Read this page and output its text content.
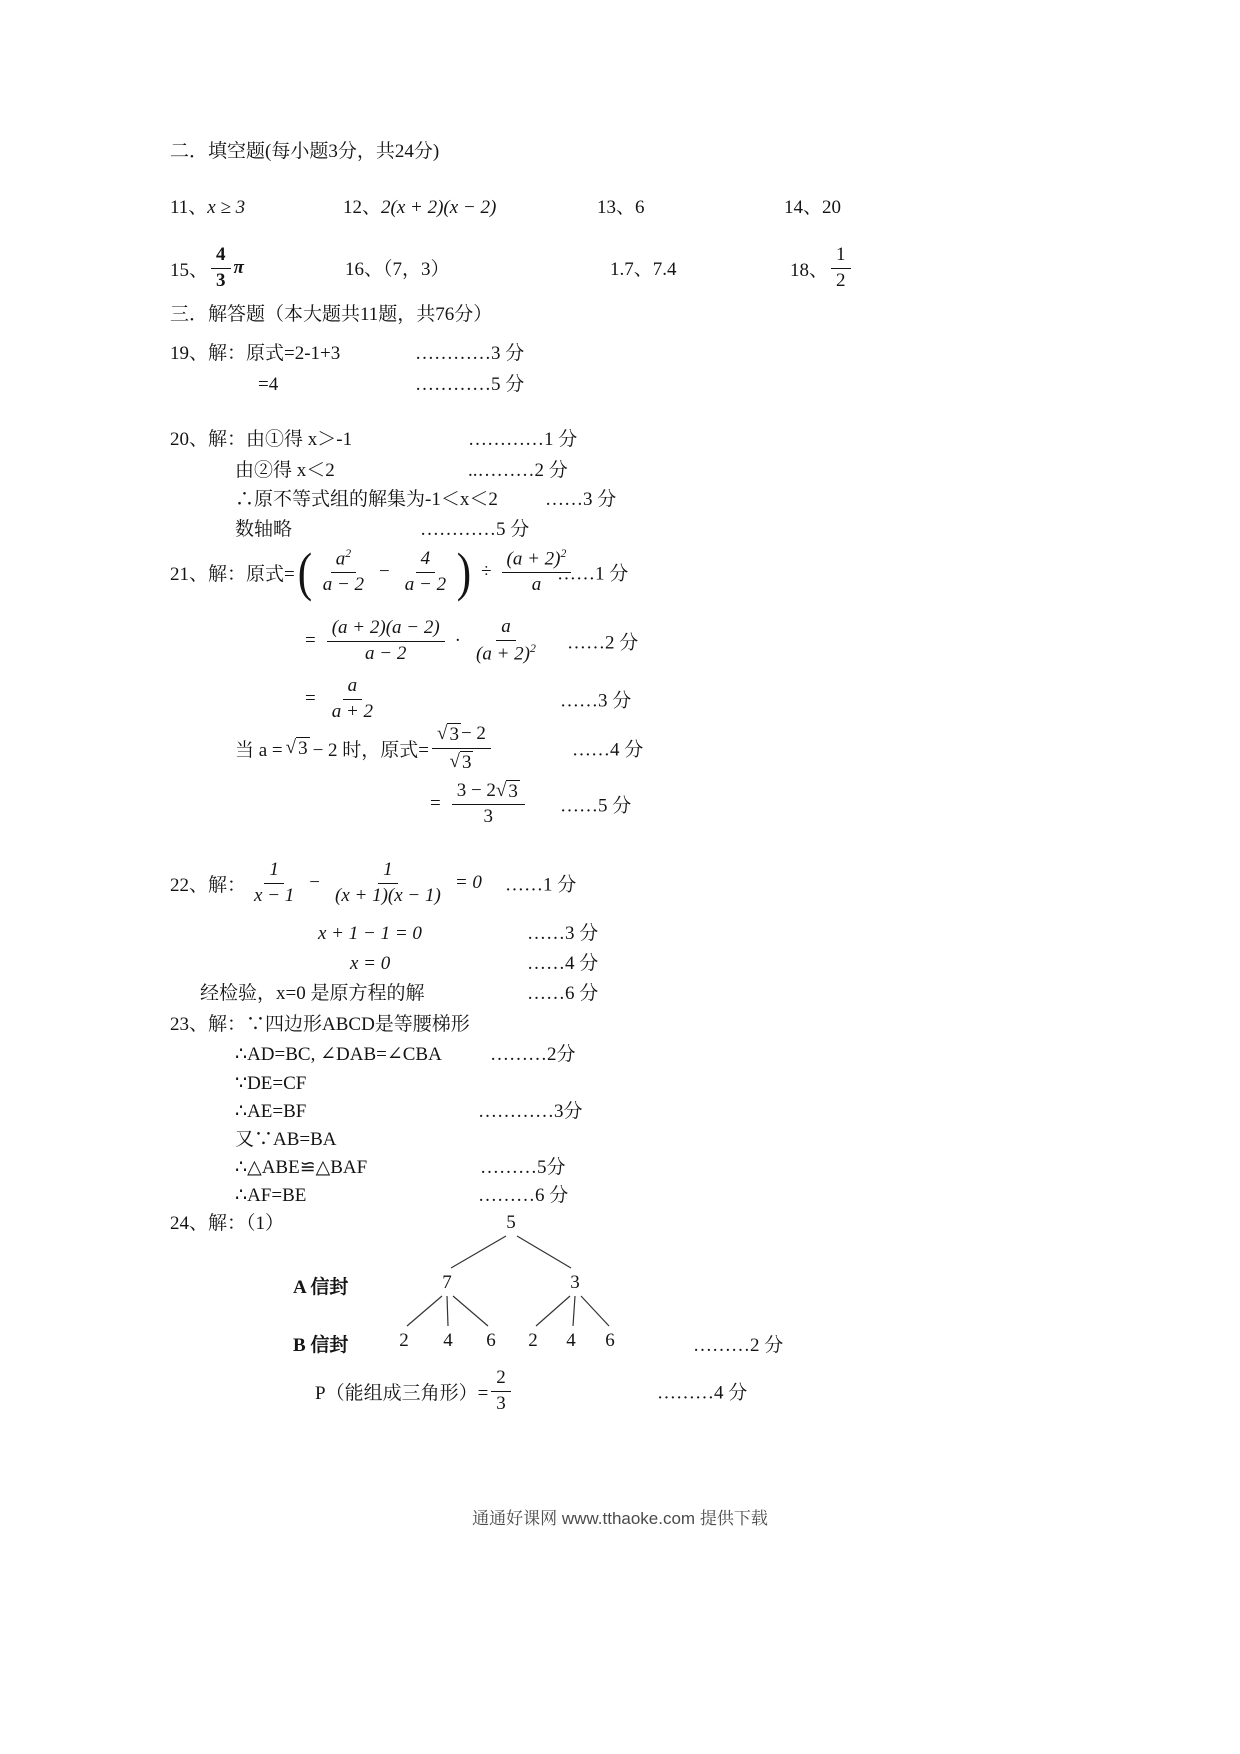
二．填空题(每小题3分，共24分)
11、x ≥ 3	12、2(x + 2)(x − 2)	13、6	14、20
15、 $\frac{4}{3}$ π	16、（7，3）	1.7、7.4	18、 $\frac{1}{2}$
三．解答题（本大题共11题，共76分）
19、解：原式=2-1+3	…………3 分
=4	…………5 分
20、解：由①得 x＞-1	…………1 分
由②得 x＜2	..………2 分
∴原不等式组的解集为-1＜x＜2 ……3 分
数轴略	…………5 分
21、解： 原式= ( $\frac{a^2}{a - 2} - \frac{4}{a - 2}$ ) ÷ $\frac{(a + 2)^2}{a}$
……1 分
= $\frac{(a + 2)(a - 2)}{a - 2} \cdot \frac{a}{(a + 2)^2}$ ……2 分
= $\frac{a}{a + 2}$	……3 分
当 a = √ 3 − 2 时，原式= $\frac{√ 3 - 2}{√ 3}$	……4 分
= $\frac{3 - 2 √ 3}{3}$ ……5 分
22、解： $\frac{1}{x - 1} - \frac{1}{(x + 1)(x - 1)} = 0$ ……1 分
x + 1 − 1 = 0	……3 分
x = 0	……4 分
经检验，x=0 是原方程的解	……6 分
23、解：∵四边形ABCD是等腰梯形
∴AD=BC, ∠DAB=∠CBA	………2分
∵DE=CF
∴AE=BF	…………3分
又∵AB=BA
∴△ABE≌△BAF	………5分
∴AF=BE	………6 分
24、解：（1）	5
A 信封	7	3
B 信封	2 4 6 2 4 6	………2 分
P（能组成三角形）= $\frac{2}{3}$	………4 分
通通好课网 www.tthaoke.com 提供下载
